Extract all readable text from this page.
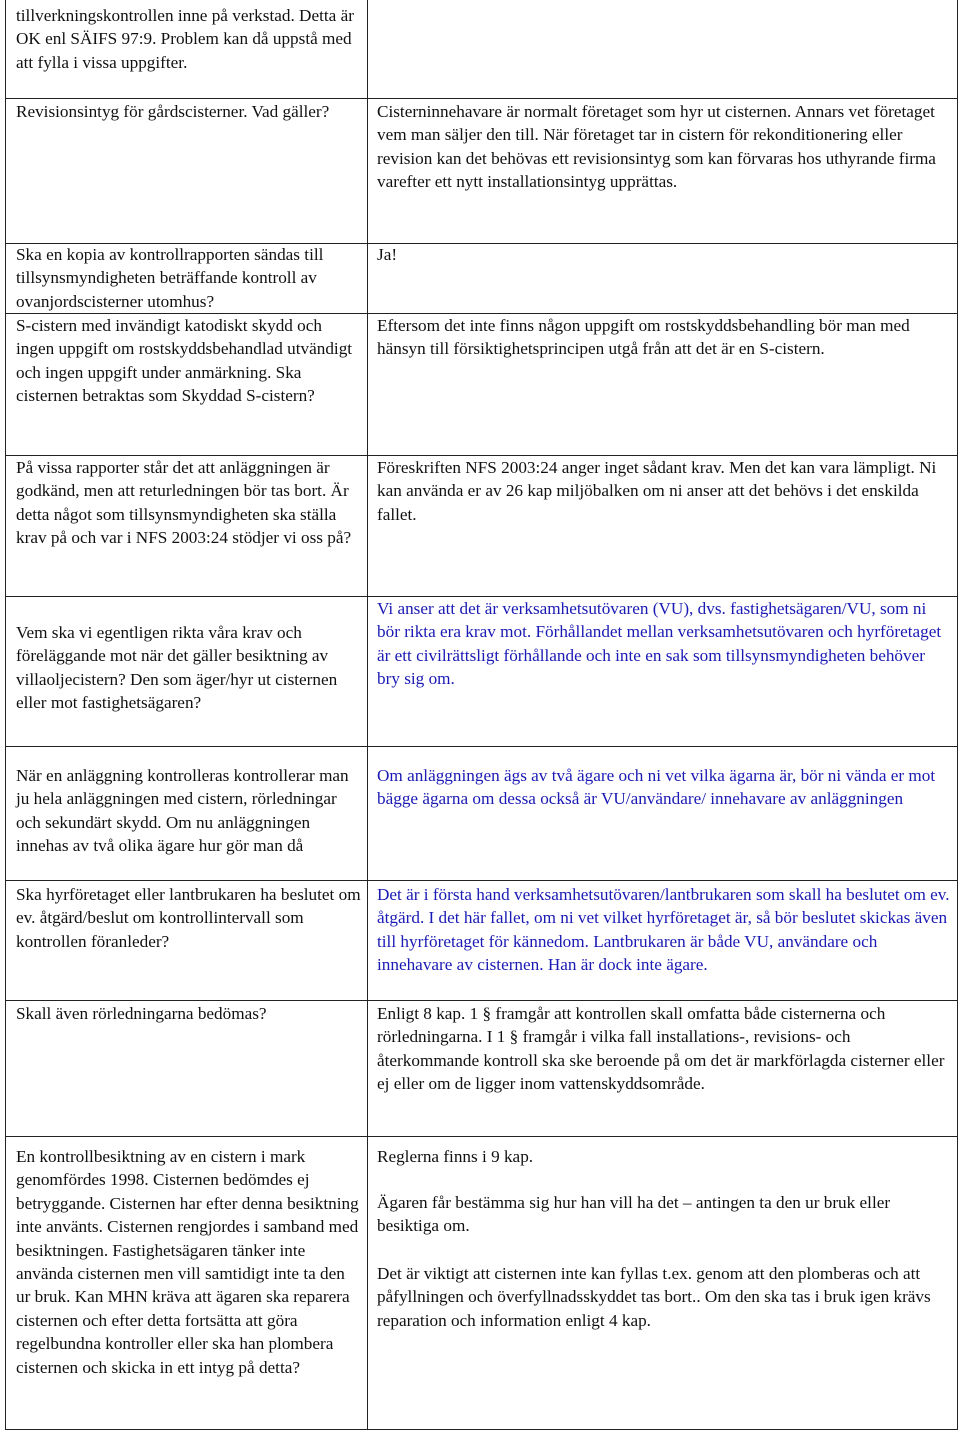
tillverkningskontrollen inne på verkstad. Detta är OK enl SÄIFS 97:9. Problem kan då uppstå med att fylla i vissa uppgifter.

Revisionsintyg för gårdscisterner. Vad gäller?	Cisterninnehavare är normalt företaget som hyr ut cisternen. Annars vet företaget vem man säljer den till. När företaget tar in cistern för rekonditionering eller revision kan det behövas ett revisionsintyg som kan förvaras hos uthyrande firma varefter ett nytt installationsintyg upprättas.

Ska en kopia av kontrollrapporten sändas till tillsynsmyndigheten beträffande kontroll av ovanjordscisterner utomhus?

Ja!

S-cistern med invändigt katodiskt skydd och ingen uppgift om rostskyddsbehandlad utvändigt och ingen uppgift under anmärkning. Ska cisternen betraktas som Skyddad S-cistern?

Eftersom det inte finns någon uppgift om rostskyddsbehandling bör man med hänsyn till försiktighetsprincipen utgå från att det är en S-cistern.

På vissa rapporter står det att anläggningen är godkänd, men att returledningen bör tas bort. Är detta något som tillsynsmyndigheten ska ställa krav på och var i NFS 2003:24 stödjer vi oss på?

Föreskriften NFS 2003:24 anger inget sådant krav. Men det kan vara lämpligt. Ni kan använda er av 26 kap miljöbalken om ni anser att det behövs i det enskilda fallet.

Vem ska vi egentligen rikta våra krav och föreläggande mot när det gäller besiktning av villaoljecistern? Den som äger/hyr ut cisternen eller mot fastighetsägaren?

Vi anser att det är verksamhetsutövaren (VU), dvs. fastighetsägaren/VU, som ni bör rikta era krav mot. Förhållandet mellan verksamhetsutövaren och hyrföretaget är ett civilrättsligt förhållande och inte en sak som tillsynsmyndigheten behöver bry sig om.

När en anläggning kontrolleras kontrollerar man ju hela anläggningen med cistern, rörledningar och sekundärt skydd. Om nu anläggningen innehas av två olika ägare hur gör man då

Om anläggningen ägs av två ägare och ni vet vilka ägarna är, bör ni vända er mot bägge ägarna om dessa också är VU/användare/ innehavare av anläggningen

Ska hyrföretaget eller lantbrukaren ha beslutet om ev. åtgärd/beslut om kontrollintervall som kontrollen föranleder?

Det är i första hand verksamhetsutövaren/lantbrukaren som skall ha beslutet om ev. åtgärd. I det här fallet, om ni vet vilket hyrföretaget är, så bör beslutet skickas även till hyrföretaget för kännedom. Lantbrukaren är både VU, användare och innehavare av cisternen. Han är dock inte ägare.

Skall även rörledningarna bedömas?	Enligt 8 kap. 1 § framgår att kontrollen skall omfatta både cisternerna och rörledningarna. I 1 § framgår i vilka fall installations-, revisions- och återkommande kontroll ska ske beroende på om det är markförlagda cisterner eller ej eller om de ligger inom vattenskyddsområde.

En kontrollbesiktning av en cistern i mark genomfördes 1998. Cisternen bedömdes ej betryggande. Cisternen har efter denna besiktning inte använts. Cisternen rengjordes i samband med besiktningen. Fastighetsägaren tänker inte använda cisternen men vill samtidigt inte ta den ur bruk. Kan MHN kräva att ägaren ska reparera cisternen och efter detta fortsätta att göra regelbundna kontroller eller ska han plombera cisternen och skicka in ett intyg på detta?

Reglerna finns i 9 kap.

Ägaren får bestämma sig hur han vill ha det – antingen ta den ur bruk eller besiktiga om.

Det är viktigt att cisternen inte kan fyllas t.ex. genom att den plomberas och att påfyllningen och överfyllnadsskyddet tas bort.. Om den ska tas i bruk igen krävs reparation och information enligt 4 kap.
